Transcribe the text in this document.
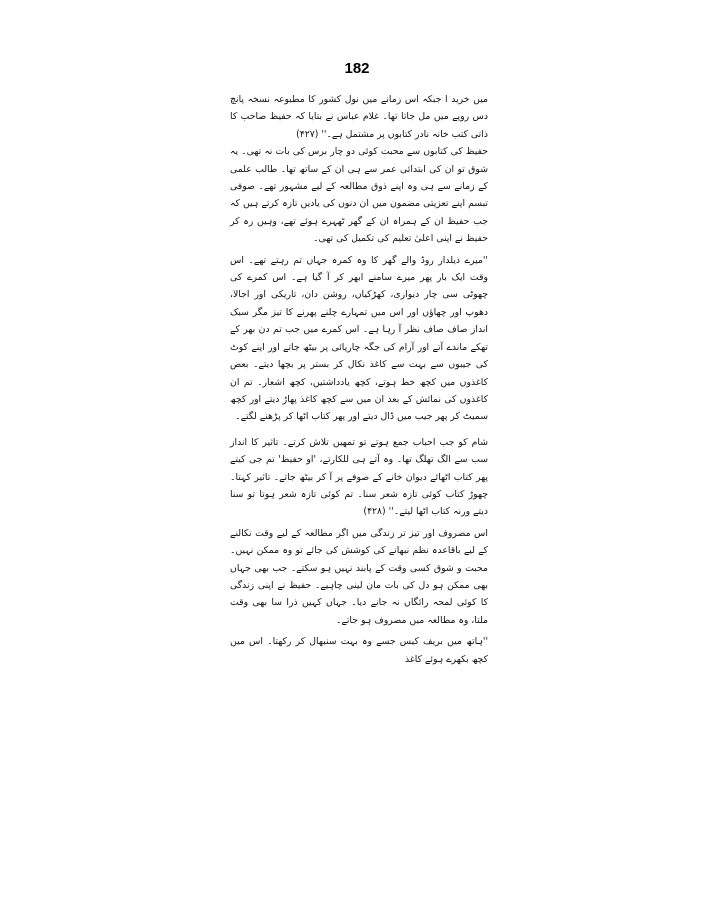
182

میں خرید ا جبکہ اس زمانے میں نول کشور کا مطبوعہ نسخہ پانچ دس روپے میں مل جاتا تھا۔ غلام عباس نے بتایا کہ حفیظ صاحب کا ذاتی کتب خانہ نادر کتابوں پر مشتمل ہے۔'' (۴۲۷)

حفیظ کی کتابوں سے محبت کوئی دو چار برس کی بات نہ تھی۔ یہ شوق تو ان کی ابتدائی عمر سے ہی ان کے ساتھ تھا۔ طالب علمی کے زمانے سے ہی وہ اپنے ذوق مطالعہ کے لیے مشہور تھے۔ صوفی تبسم اپنے تعزیتی مضمون میں ان دنوں کی یادیں تازہ کرتے ہیں کہ جب حفیظ ان کے ہمراہ ان کے گھر ٹھہرے ہوئے تھے، وہیں رہ کر حفیظ نے اپنی اعلیٰ تعلیم کی تکمیل کی تھی۔

''میرے ذیلدار روڈ والے گھر کا وہ کمرہ جہاں تم رہتے تھے۔ اس وقت ایک بار پھر میرے سامنے ابھر کر آ گیا ہے۔ اس کمرے کی چھوٹی سی چار دیواری، کھڑکیاں، روشن دان، تاریکی اور اجالا، دھوپ اور چھاؤں اور اس میں تمہارے چلنے پھرنے کا تیز مگر سبک انداز صاف صاف نظر آ رہا ہے۔ اس کمرے میں جب تم دن بھر کے تھکے ماندے آتے اور آرام کی جگہ چارپائی پر بیٹھ جاتے اور اپنے کوٹ کی جیبوں سے بہت سے کاغذ نکال کر بستر پر بچھا دیتے۔ بعض کاغذوں میں کچھ خط ہوتے، کچھ یادداشتیں، کچھ اشعار۔ تم ان کاغذوں کی نمائش کے بعد ان میں سے کچھ کاغذ پھاڑ دیتے اور کچھ سمیٹ کر پھر جیب میں ڈال دیتے اور پھر کتاب اٹھا کر پڑھنے لگتے۔

شام کو جب احباب جمع ہوتے تو تمھیں تلاش کرتے۔ تاثیر کا انداز سب سے الگ تھلگ تھا۔ وہ آتے ہی للکارتے، 'او حفیظ' تم جی کیتے پھر کتاب اٹھائے دیوان خانے کے صوفے پر آ کر بیٹھ جاتے۔ تاثیر کہتا۔ چھوڑ کتاب کوئی تازہ شعر سنا۔ تم کوئی تازہ شعر ہوتا تو سنا دیتے ورنہ کتاب اٹھا لیتے۔'' (۴۲۸)

اس مصروف اور تیز تر زندگی میں اگر مطالعہ کے لیے وقت نکالنے کے لیے باقاعدہ نظم نبھانے کی کوشش کی جائے تو وہ ممکن نہیں۔ محبت و شوق کسی وقت کے پابند نہیں ہو سکتے۔ جب بھی جہاں بھی ممکن ہو دل کی بات مان لینی چاہیے۔ حفیظ نے اپنی زندگی کا کوئی لمحہ رائگاں نہ جانے دیا۔ جہاں کہیں ذرا سا بھی وقت ملتا، وہ مطالعہ میں مصروف ہو جاتے۔

''ہاتھ میں بریف کیس جسے وہ بہت سنبھال کر رکھتا۔ اس میں کچھ بکھرے ہوئے کاغذ
